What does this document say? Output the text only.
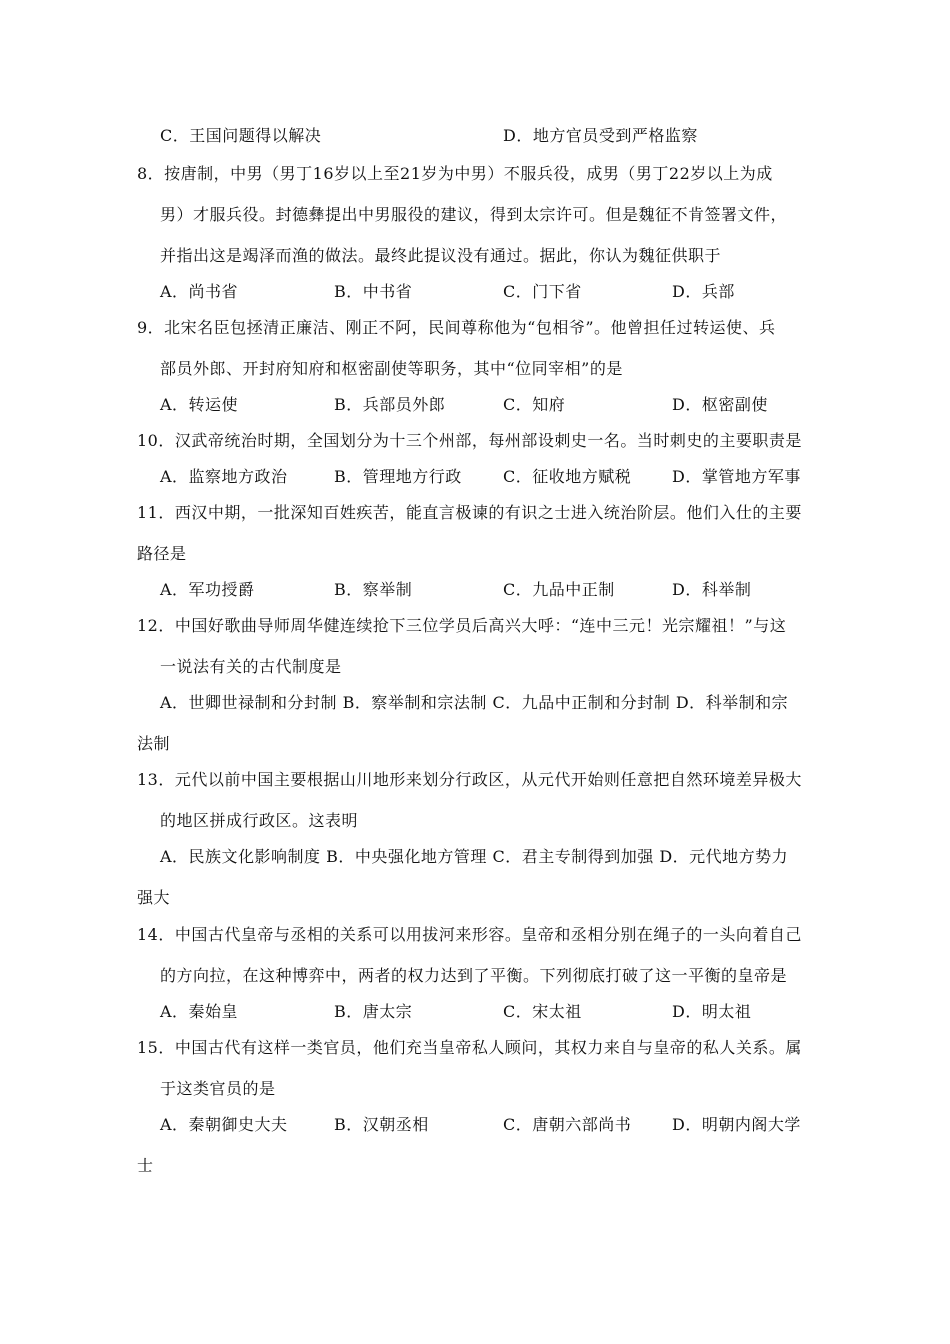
C．王国问题得以解决	D．地方官员受到严格监察
8．按唐制，中男（男丁16岁以上至21岁为中男）不服兵役，成男（男丁22岁以上为成
男）才服兵役。封德彝提出中男服役的建议，得到太宗许可。但是魏征不肯签署文件，
并指出这是竭泽而渔的做法。最终此提议没有通过。据此，你认为魏征供职于
A．尚书省	B．中书省	C．门下省	D．兵部
9．北宋名臣包拯清正廉洁、刚正不阿，民间尊称他为“包相爷”。他曾担任过转运使、兵
部员外郎、开封府知府和枢密副使等职务，其中“位同宰相”的是
A．转运使	B．兵部员外郎	C．知府	D．枢密副使
10．汉武帝统治时期，全国划分为十三个州部，每州部设刺史一名。当时刺史的主要职责是
A．监察地方政治	B．管理地方行政	C．征收地方赋税	D．掌管地方军事
11．西汉中期，一批深知百姓疾苦，能直言极谏的有识之士进入统治阶层。他们入仕的主要
路径是
A．军功授爵	B．察举制	C．九品中正制	D．科举制
12．中国好歌曲导师周华健连续抢下三位学员后高兴大呼：“连中三元！光宗耀祖！”与这
一说法有关的古代制度是
A．世卿世禄制和分封制 B．察举制和宗法制 C．九品中正制和分封制 D．科举制和宗
法制
13．元代以前中国主要根据山川地形来划分行政区，从元代开始则任意把自然环境差异极大
的地区拼成行政区。这表明
A．民族文化影响制度 B．中央强化地方管理 C．君主专制得到加强 D．元代地方势力
强大
14．中国古代皇帝与丞相的关系可以用拔河来形容。皇帝和丞相分别在绳子的一头向着自己
的方向拉，在这种博弈中，两者的权力达到了平衡。下列彻底打破了这一平衡的皇帝是
A．秦始皇	B．唐太宗	C．宋太祖	D．明太祖
15．中国古代有这样一类官员，他们充当皇帝私人顾问，其权力来自与皇帝的私人关系。属
于这类官员的是
A．秦朝御史大夫	B．汉朝丞相	C．唐朝六部尚书	D．明朝内阁大学
士
